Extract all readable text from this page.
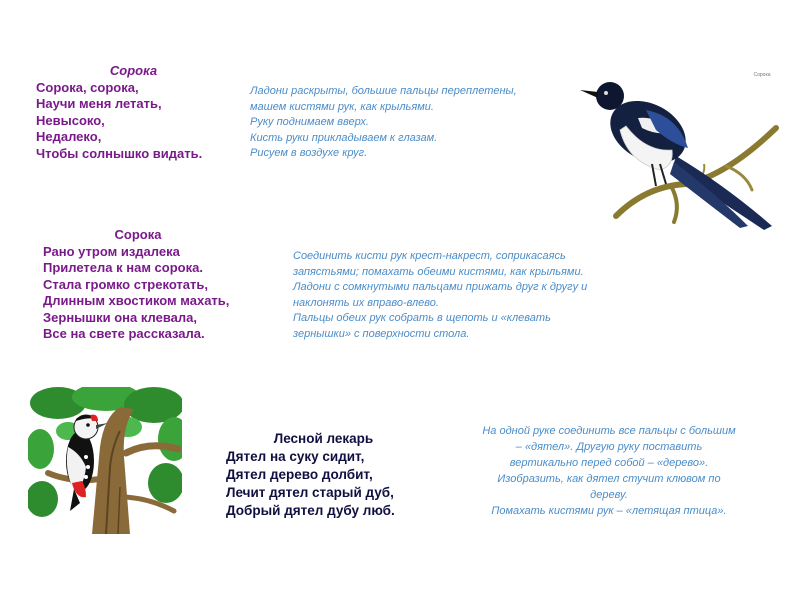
Сорока
Сорока, сорока,
Научи меня летать,
Невысоко,
Недалеко,
Чтобы солнышко видать.
Ладони раскрыты, большие пальцы переплетены,
машем кистями рук, как крыльями.
Руку поднимаем вверх.
Кисть руки прикладываем к глазам.
Рисуем в воздухе круг.
Сорока
Сорока
Рано утром издалека
Прилетела к нам сорока.
Стала громко стрекотать,
Длинным хвостиком махать,
Зернышки она клевала,
Все на свете рассказала.
Соединить кисти рук крест-накрест, соприкасаясь
запястьями; помахать обеими кистями, как крыльями.
Ладони с сомкнутыми пальцами прижать друг к другу и
наклонять их вправо-влево.
Пальцы обеих рук собрать в щепоть и «клевать
зернышки» с поверхности стола.
Лесной лекарь
Дятел на суку сидит,
Дятел дерево долбит,
Лечит дятел старый дуб,
Добрый дятел дубу люб.
На одной руке соединить все пальцы с большим
– «дятел». Другую руку поставить
вертикально перед собой – «дерево».
Изобразить, как дятел стучит клювом по
дереву.
Помахать кистями рук – «летящая птица».
